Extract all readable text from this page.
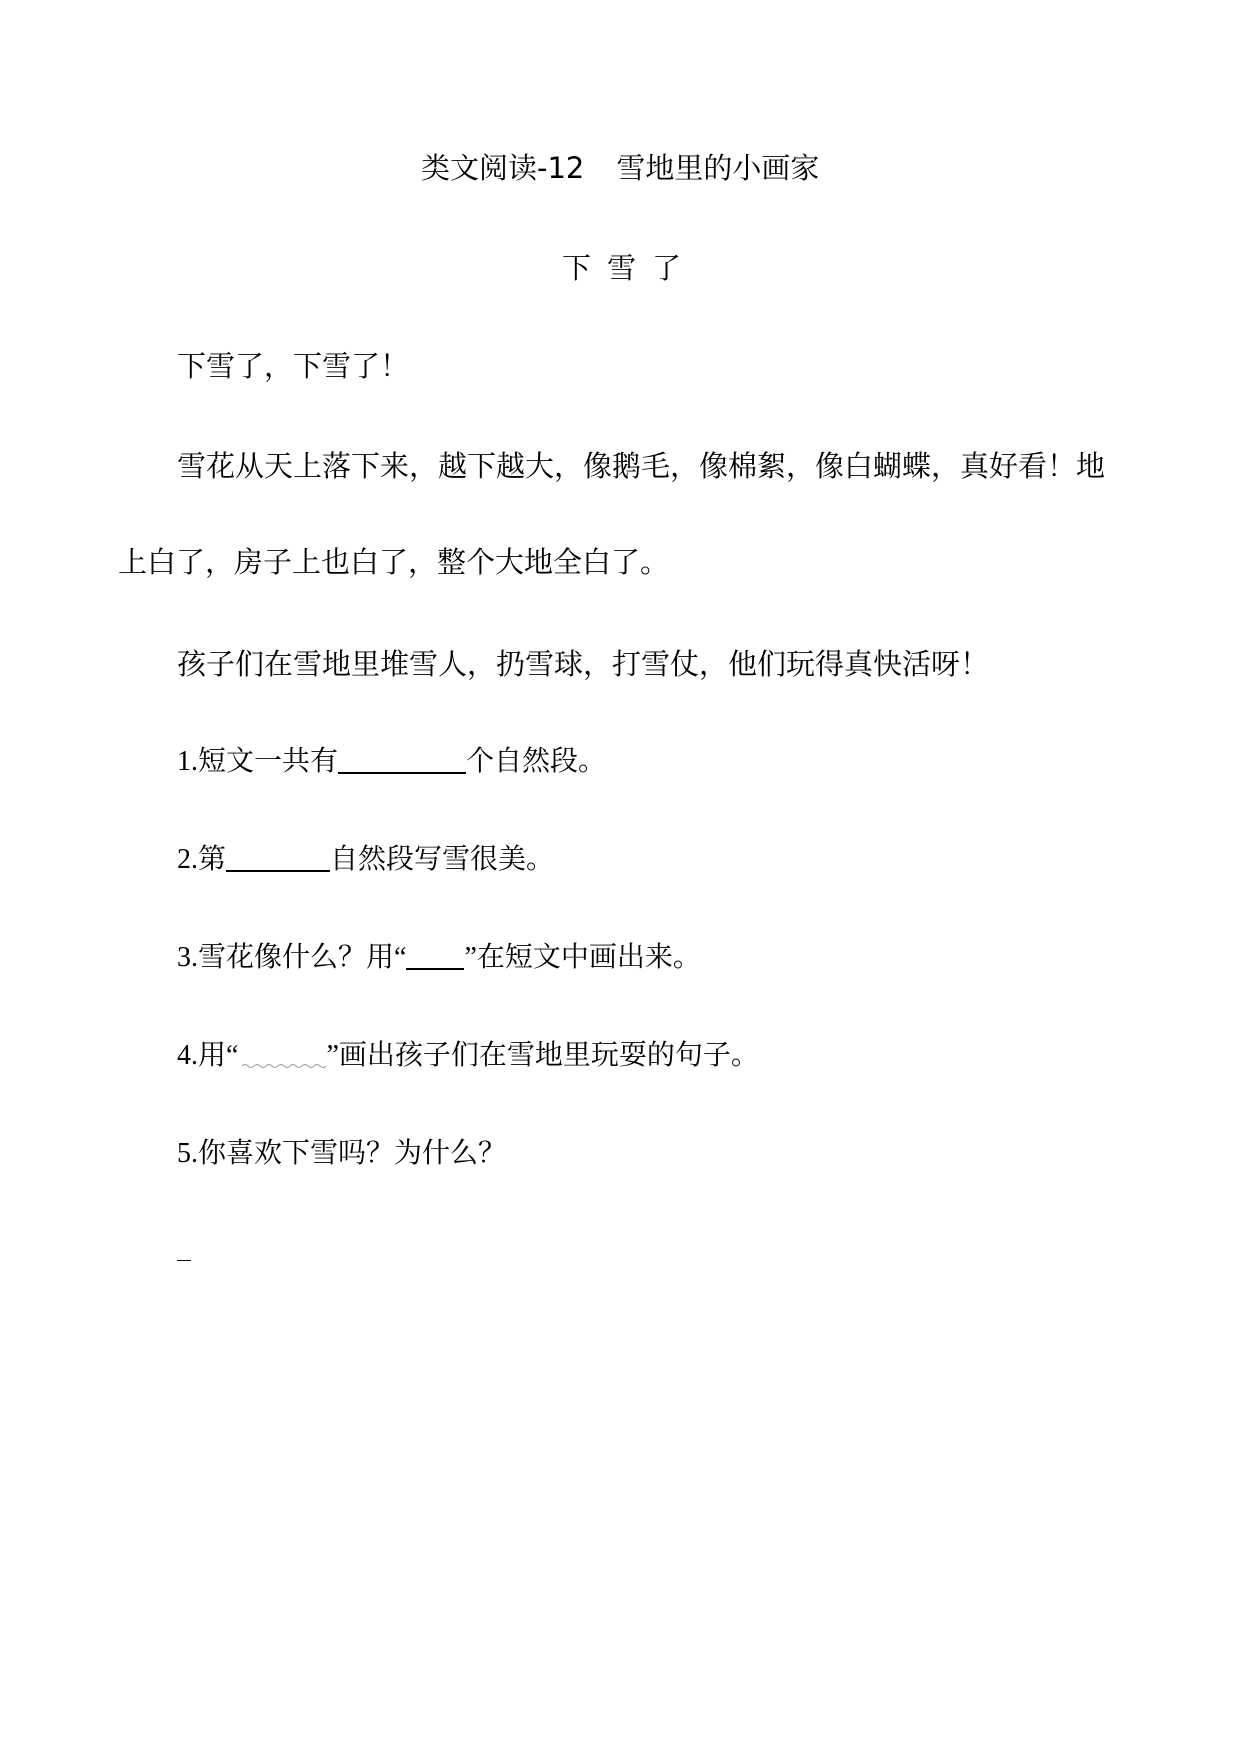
类文阅读-12 雪地里的小画家
下雪了
下雪了，下雪了！
雪花从天上落下来，越下越大，像鹅毛，像棉絮，像白蝴蝶，真好看！地
上白了，房子上也白了，整个大地全白了。
孩子们在雪地里堆雪人，扔雪球，打雪仗，他们玩得真快活呀！
1.短文一共有	个自然段。
2.第	自然段写雪很美。
3.雪花像什么？用“ ”在短文中画出来。
4.用“	”画出孩子们在雪地里玩耍的句子。
5.你喜欢下雪吗？为什么？
